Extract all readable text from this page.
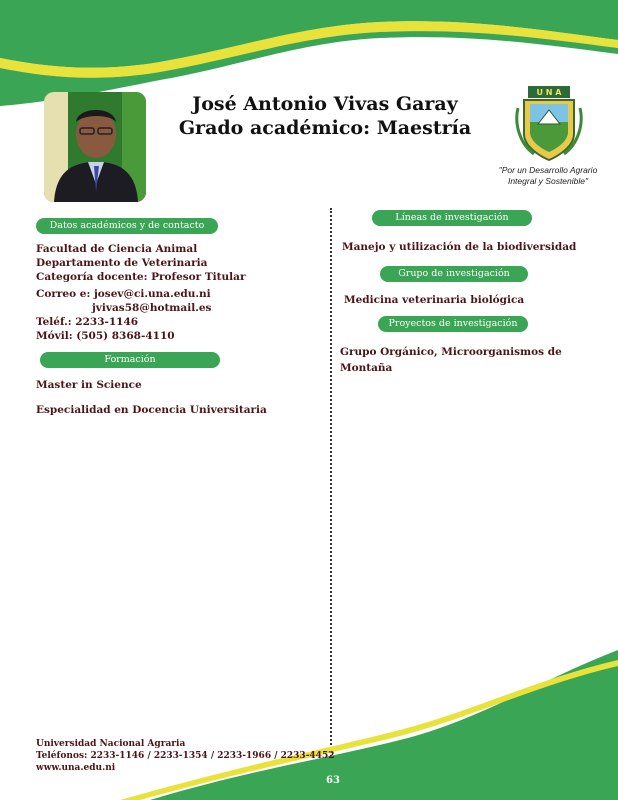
José Antonio Vivas Garay
Grado académico: Maestría
U N A
"Por un Desarrollo Agrario
Integral y Sostenible"
Datos académicos y de contacto
Facultad de Ciencia Animal
Departamento de Veterinaria
Categoría docente: Profesor Titular
Correo e: josev@ci.una.edu.ni
jvivas58@hotmail.es
Teléf.: 2233-1146
Móvil: (505) 8368-4110
Formación
Master in Science
Especialidad en Docencia Universitaria
Líneas de investigación
Manejo y utilización de la biodiversidad
Grupo de investigación
Medicina veterinaria biológica
Proyectos de investigación
Grupo Orgánico, Microorganismos de
Montaña
Universidad Nacional Agraria
Teléfonos: 2233-1146 / 2233-1354 / 2233-1966 / 2233-4452
www.una.edu.ni
63
